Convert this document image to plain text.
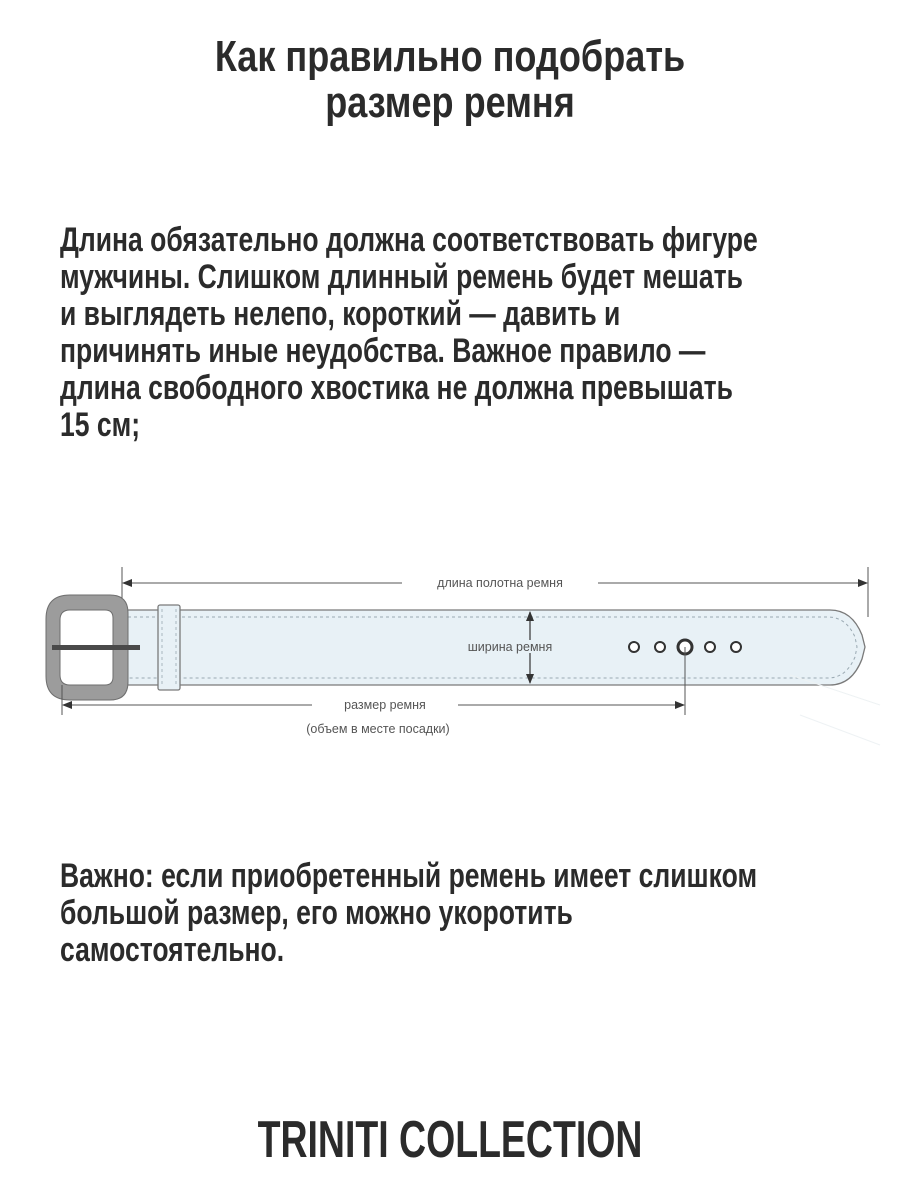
Как правильно подобрать
размер ремня
Длина обязательно должна соответствовать фигуре
мужчины. Слишком длинный ремень будет мешать
и выглядеть нелепо, короткий — давить и
причинять иные неудобства. Важное правило —
длина свободного хвостика не должна превышать
15 см;
длина полотна ремня
ширина ремня
размер ремня
(объем в месте посадки)
Важно: если приобретенный ремень имеет слишком
большой размер, его можно укоротить
самостоятельно.
TRINITI COLLECTION
